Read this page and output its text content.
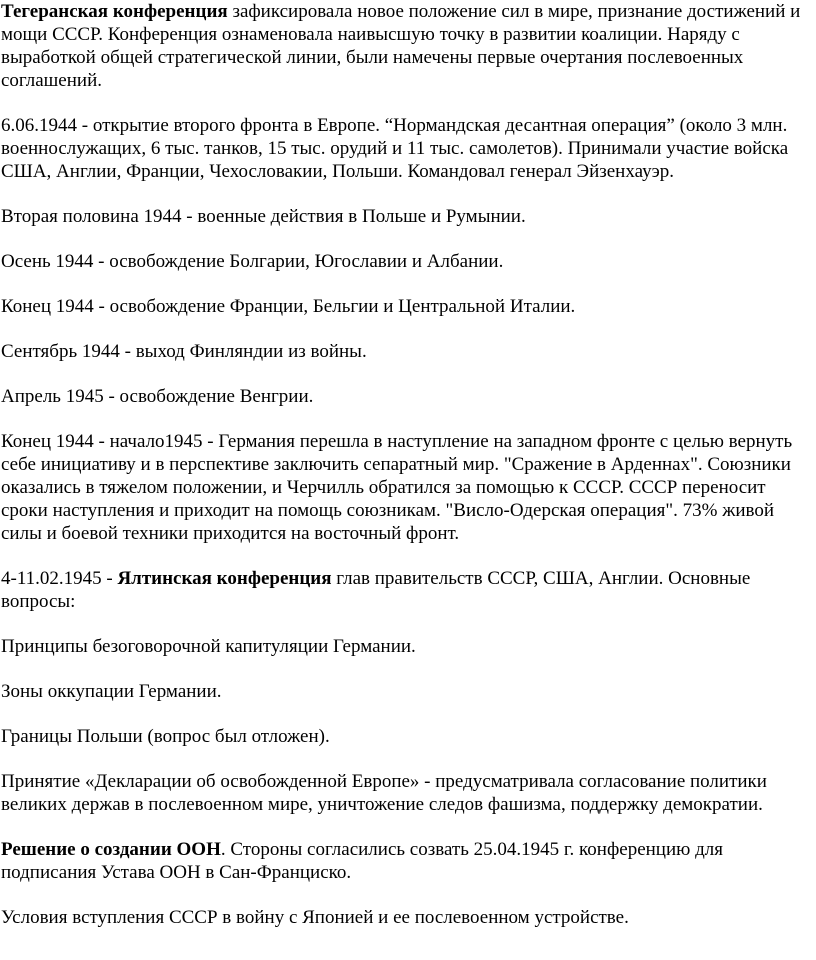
Тегеранская конференция зафиксировала новое положение сил в мире, признание достижений и мощи СССР. Конференция ознаменовала наивысшую точку в развитии коалиции. Наряду с выработкой общей стратегической линии, были намечены первые очертания послевоенных соглашений.

6.06.1944 - открытие второго фронта в Европе. “Нормандская десантная операция” (около 3 млн. военнослужащих, 6 тыс. танков, 15 тыс. орудий и 11 тыс. самолетов). Принимали участие войска США, Англии, Франции, Чехословакии, Польши. Командовал генерал Эйзенхауэр.

Вторая половина 1944 - военные действия в Польше и Румынии.

Осень 1944 - освобождение Болгарии, Югославии и Албании.

Конец 1944 - освобождение Франции, Бельгии и Центральной Италии.

Сентябрь 1944 - выход Финляндии из войны.

Апрель 1945 - освобождение Венгрии.

Конец 1944 - начало1945 - Германия перешла в наступление на западном фронте с целью вернуть себе инициативу и в перспективе заключить сепаратный мир. "Сражение в Арденнах". Союзники оказались в тяжелом положении, и Черчилль обратился за помощью к СССР. СССР переносит сроки наступления и приходит на помощь союзникам. "Висло-Одерская операция". 73% живой силы и боевой техники приходится на восточный фронт.

4-11.02.1945 - Ялтинская конференция глав правительств СССР, США, Англии. Основные вопросы:

Принципы безоговорочной капитуляции Германии.

Зоны оккупации Германии.

Границы Польши (вопрос был отложен).

Принятие «Декларации об освобожденной Европе» - предусматривала согласование политики великих держав в послевоенном мире, уничтожение следов фашизма, поддержку демократии.

Решение о создании ООН. Стороны согласились созвать 25.04.1945 г. конференцию для подписания Устава ООН в Сан-Франциско.

Условия вступления СССР в войну с Японией и ее послевоенном устройстве.
